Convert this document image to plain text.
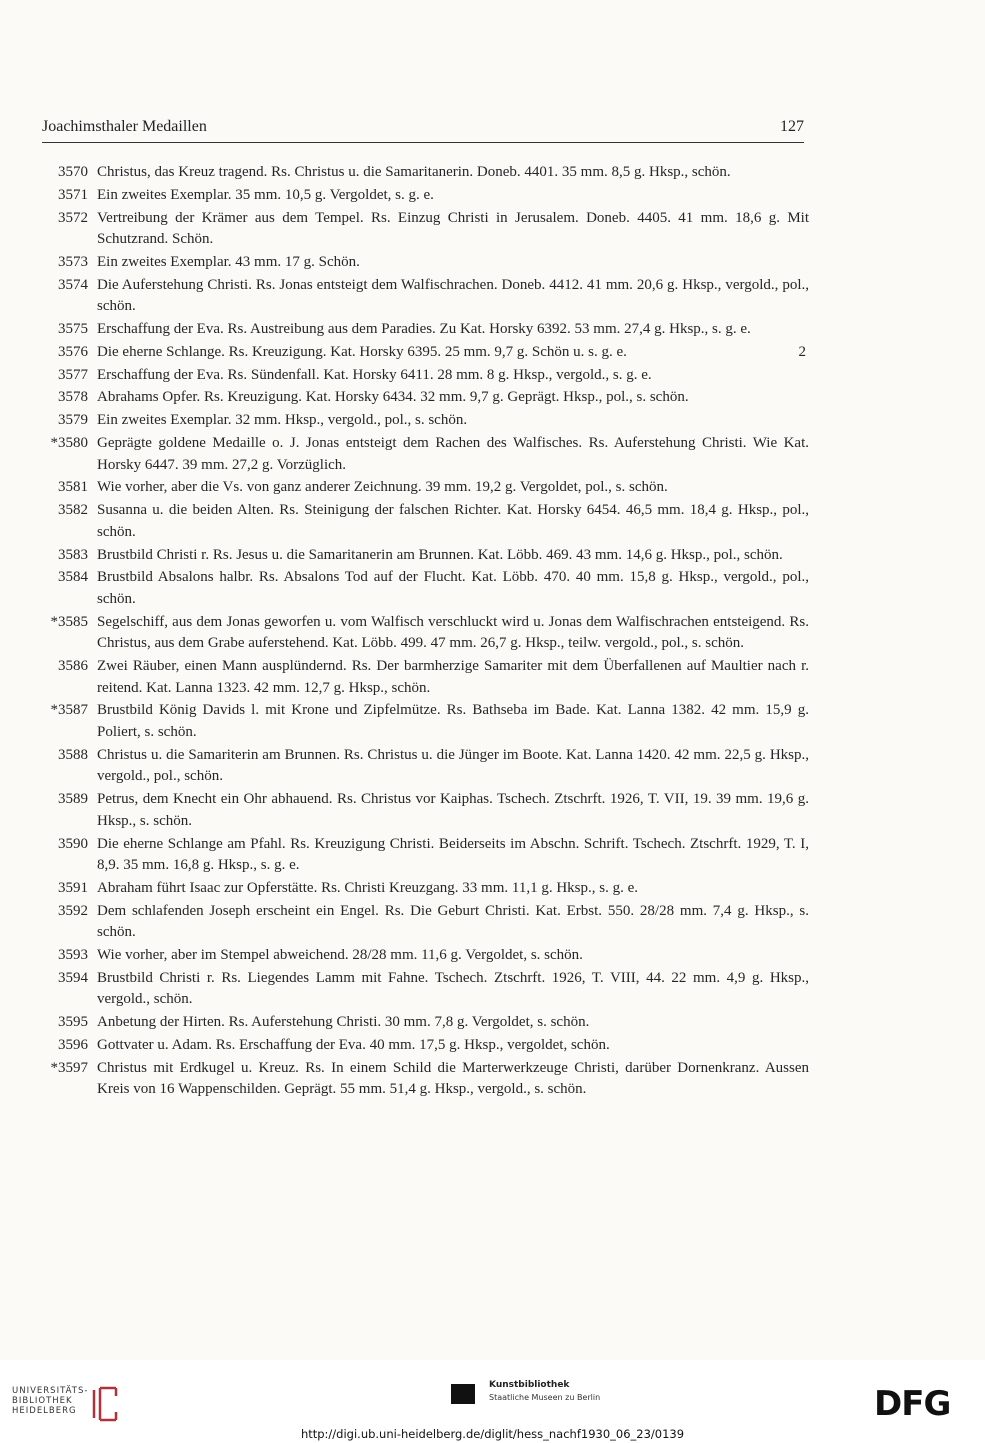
Joachimsthaler Medaillen	127
3570 Christus, das Kreuz tragend. Rs. Christus u. die Samaritanerin. Doneb. 4401. 35 mm. 8,5 g. Hksp., schön.
3571 Ein zweites Exemplar. 35 mm. 10,5 g. Vergoldet, s. g. e.
3572 Vertreibung der Krämer aus dem Tempel. Rs. Einzug Christi in Jerusalem. Doneb. 4405. 41 mm. 18,6 g. Mit Schutzrand. Schön.
3573 Ein zweites Exemplar. 43 mm. 17 g. Schön.
3574 Die Auferstehung Christi. Rs. Jonas entsteigt dem Walfischrachen. Doneb. 4412. 41 mm. 20,6 g. Hksp., vergold., pol., schön.
3575 Erschaffung der Eva. Rs. Austreibung aus dem Paradies. Zu Kat. Horsky 6392. 53 mm. 27,4 g. Hksp., s. g. e.
3576 Die eherne Schlange. Rs. Kreuzigung. Kat. Horsky 6395. 25 mm. 9,7 g. Schön u. s. g. e.	2
3577 Erschaffung der Eva. Rs. Sündenfall. Kat. Horsky 6411. 28 mm. 8 g. Hksp., vergold., s. g. e.
3578 Abrahams Opfer. Rs. Kreuzigung. Kat. Horsky 6434. 32 mm. 9,7 g. Geprägt. Hksp., pol., s. schön.
3579 Ein zweites Exemplar. 32 mm. Hksp., vergold., pol., s. schön.
*3580 Geprägte goldene Medaille o. J. Jonas entsteigt dem Rachen des Walfisches. Rs. Auferstehung Christi. Wie Kat. Horsky 6447. 39 mm. 27,2 g. Vorzüglich.
3581 Wie vorher, aber die Vs. von ganz anderer Zeichnung. 39 mm. 19,2 g. Vergoldet, pol., s. schön.
3582 Susanna u. die beiden Alten. Rs. Steinigung der falschen Richter. Kat. Horsky 6454. 46,5 mm. 18,4 g. Hksp., pol., schön.
3583 Brustbild Christi r. Rs. Jesus u. die Samaritanerin am Brunnen. Kat. Löbb. 469. 43 mm. 14,6 g. Hksp., pol., schön.
3584 Brustbild Absalons halbr. Rs. Absalons Tod auf der Flucht. Kat. Löbb. 470. 40 mm. 15,8 g. Hksp., vergold., pol., schön.
*3585 Segelschiff, aus dem Jonas geworfen u. vom Walfisch verschluckt wird u. Jonas dem Walfischrachen entsteigend. Rs. Christus, aus dem Grabe auferstehend. Kat. Löbb. 499. 47 mm. 26,7 g. Hksp., teilw. vergold., pol., s. schön.
3586 Zwei Räuber, einen Mann ausplündernd. Rs. Der barmherzige Samariter mit dem Überfallenen auf Maultier nach r. reitend. Kat. Lanna 1323. 42 mm. 12,7 g. Hksp., schön.
*3587 Brustbild König Davids l. mit Krone und Zipfelmütze. Rs. Bathseba im Bade. Kat. Lanna 1382. 42 mm. 15,9 g. Poliert, s. schön.
3588 Christus u. die Samariterin am Brunnen. Rs. Christus u. die Jünger im Boote. Kat. Lanna 1420. 42 mm. 22,5 g. Hksp., vergold., pol., schön.
3589 Petrus, dem Knecht ein Ohr abhauend. Rs. Christus vor Kaiphas. Tschech. Ztschrft. 1926, T. VII, 19. 39 mm. 19,6 g. Hksp., s. schön.
3590 Die eherne Schlange am Pfahl. Rs. Kreuzigung Christi. Beiderseits im Abschn. Schrift. Tschech. Ztschrft. 1929, T. I, 8,9. 35 mm. 16,8 g. Hksp., s. g. e.
3591 Abraham führt Isaac zur Opferstätte. Rs. Christi Kreuzgang. 33 mm. 11,1 g. Hksp., s. g. e.
3592 Dem schlafenden Joseph erscheint ein Engel. Rs. Die Geburt Christi. Kat. Erbst. 550. 28/28 mm. 7,4 g. Hksp., s. schön.
3593 Wie vorher, aber im Stempel abweichend. 28/28 mm. 11,6 g. Vergoldet, s. schön.
3594 Brustbild Christi r. Rs. Liegendes Lamm mit Fahne. Tschech. Ztschrft. 1926, T. VIII, 44. 22 mm. 4,9 g. Hksp., vergold., schön.
3595 Anbetung der Hirten. Rs. Auferstehung Christi. 30 mm. 7,8 g. Vergoldet, s. schön.
3596 Gottvater u. Adam. Rs. Erschaffung der Eva. 40 mm. 17,5 g. Hksp., vergoldet, schön.
*3597 Christus mit Erdkugel u. Kreuz. Rs. In einem Schild die Marterwerkzeuge Christi, darüber Dornenkranz. Aussen Kreis von 16 Wappenschilden. Geprägt. 55 mm. 51,4 g. Hksp., vergold., s. schön.
UNIVERSITÄTS-
BIBLIOTHEK
HEIDELBERG
Kunstbibliothek
Staatliche Museen zu Berlin	DFG
http://digi.ub.uni-heidelberg.de/diglit/hess_nachf1930_06_23/0139
